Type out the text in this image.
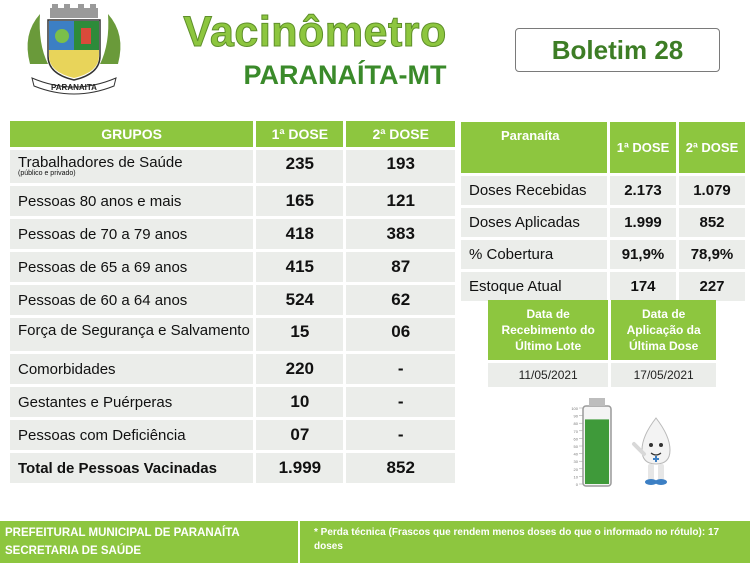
PARANAITA
Vacinômetro
PARANAÍTA-MT
Boletim 28
GRUPOS	1ª DOSE	2ª DOSE
Trabalhadores de Saúde
(público e privado)	235	193
Pessoas 80 anos e mais	165	121
Pessoas de 70 a 79 anos	418	383
Pessoas de 65 a 69 anos	415	87
Pessoas de 60 a 64 anos	524	62
Força de Segurança e Salvamento	15	06
Comorbidades	220	-
Gestantes e Puérperas	10	-
Pessoas com Deficiência	07	-
Total de Pessoas Vacinadas	1.999	852
Paranaíta	1ª DOSE	2ª DOSE
Doses Recebidas	2.173	1.079
Doses Aplicadas	1.999	852
% Cobertura	91,9%	78,9%
Estoque Atual	174	227
Data de Recebimento do Último Lote	Data de Aplicação da Última Dose
11/05/2021	17/05/2021
100
90
80
70
60
50
40
30
20
10
0
PREFEITURAL MUNICIPAL DE PARANAÍTA
SECRETARIA DE SAÚDE
* Perda técnica (Frascos que rendem menos doses do que o informado no rótulo): 17 doses
